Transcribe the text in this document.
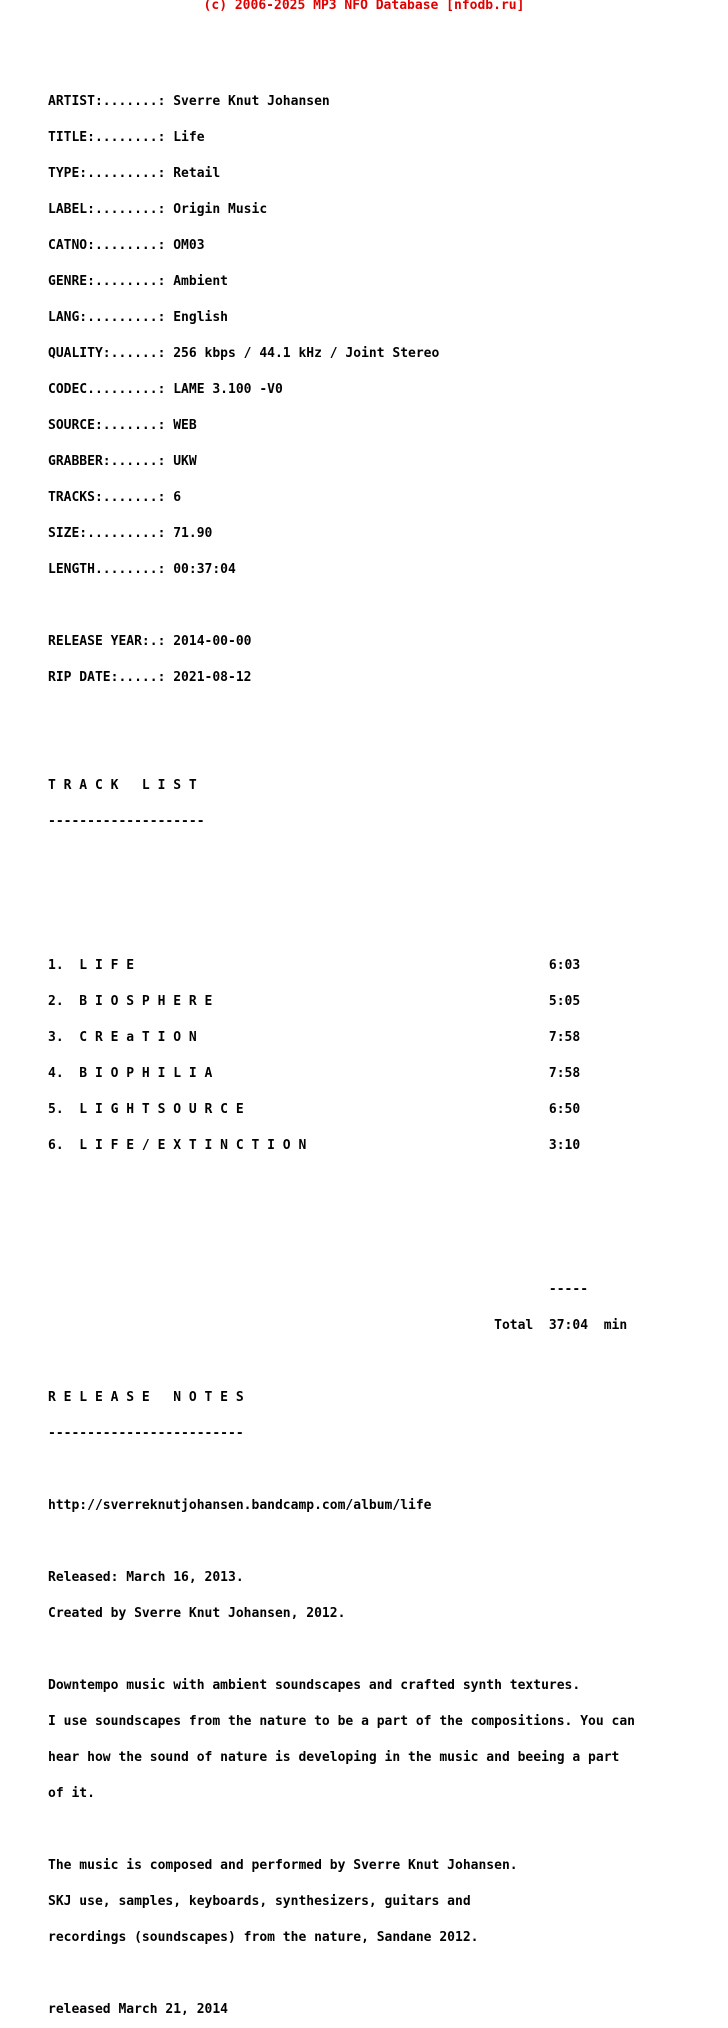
(c) 2006-2025 MP3 NFO Database [nfodb.ru]

ARTIST:.......: Sverre Knut Johansen

TITLE:........: Life

TYPE:.........: Retail

LABEL:........: Origin Music

CATNO:........: OM03

GENRE:........: Ambient

LANG:.........: English

QUALITY:......: 256 kbps / 44.1 kHz / Joint Stereo

CODEC.........: LAME 3.100 -V0

SOURCE:.......: WEB

GRABBER:......: UKW

TRACKS:.......: 6

SIZE:.........: 71.90

LENGTH........: 00:37:04

RELEASE YEAR:.: 2014-00-00

RIP DATE:.....: 2021-08-12

T R A C K   L I S T

--------------------

1.  L I F E                                                     6:03

2.  B I O S P H E R E                                           5:05

3.  C R E a T I O N                                             7:58

4.  B I O P H I L I A                                           7:58

5.  L I G H T S O U R C E                                       6:50

6.  L I F E / E X T I N C T I O N                               3:10

-----

Total  37:04  min

R E L E A S E   N O T E S

-------------------------

http://sverreknutjohansen.bandcamp.com/album/life

Released: March 16, 2013.

Created by Sverre Knut Johansen, 2012.

Downtempo music with ambient soundscapes and crafted synth textures.

I use soundscapes from the nature to be a part of the compositions. You can

hear how the sound of nature is developing in the music and beeing a part

of it.

The music is composed and performed by Sverre Knut Johansen.

SKJ use, samples, keyboards, synthesizers, guitars and

recordings (soundscapes) from the nature, Sandane 2012.

released March 21, 2014
